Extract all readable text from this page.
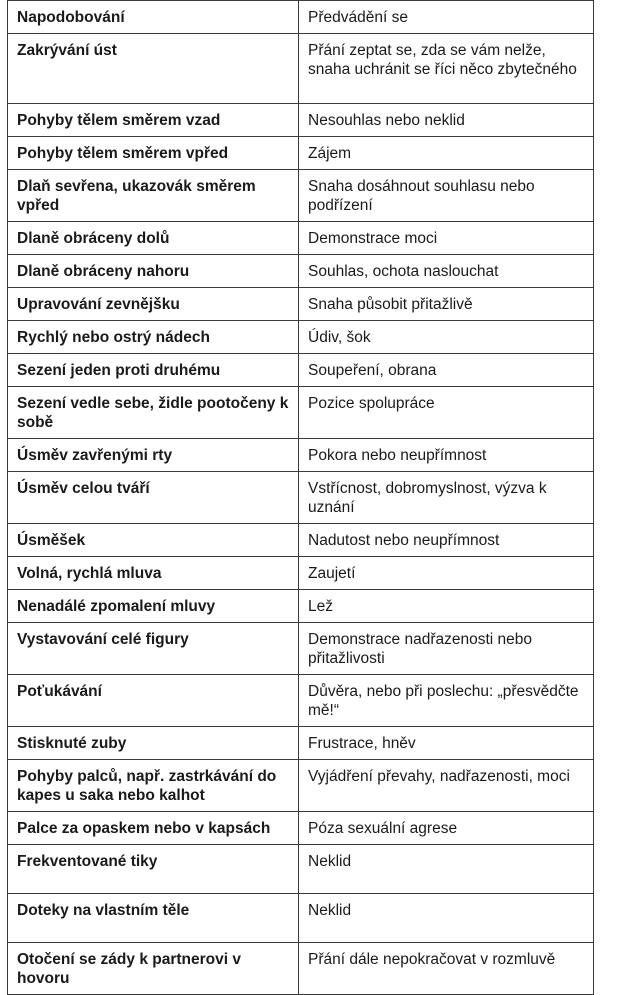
Napodobování	Předvádění se
Zakrývání úst	Přání zeptat se, zda se vám nelže, snaha uchránit se říci něco zbytečného
Pohyby tělem směrem vzad	Nesouhlas nebo neklid
Pohyby tělem směrem vpřed	Zájem
Dlaň sevřena, ukazovák směrem vpřed	Snaha dosáhnout souhlasu nebo podřízení
Dlaně obráceny dolů	Demonstrace moci
Dlaně obráceny nahoru	Souhlas, ochota naslouchat
Upravování zevnějšku	Snaha působit přitažlivě
Rychlý nebo ostrý nádech	Údiv, šok
Sezení jeden proti druhému	Soupeření, obrana
Sezení vedle sebe, židle pootočeny k sobě	Pozice spolupráce
Úsměv zavřenými rty	Pokora nebo neupřímnost
Úsměv celou tváří	Vstřícnost, dobromyslnost, výzva k uznání
Úsměšek	Nadutost nebo neupřímnost
Volná, rychlá mluva	Zaujetí
Nenadálé zpomalení mluvy	Lež
Vystavování celé figury	Demonstrace nadřazenosti nebo přitažlivosti
Poťukávání	Důvěra, nebo při poslechu: „přesvědčte mě!“
Stisknuté zuby	Frustrace, hněv
Pohyby palců, např. zastrkávání do kapes u saka nebo kalhot	Vyjádření převahy, nadřazenosti, moci
Palce za opaskem nebo v kapsách	Póza sexuální agrese
Frekventované tiky	Neklid
Doteky na vlastním těle	Neklid
Otočení se zády k partnerovi v hovoru	Přání dále nepokračovat v rozmluvě
